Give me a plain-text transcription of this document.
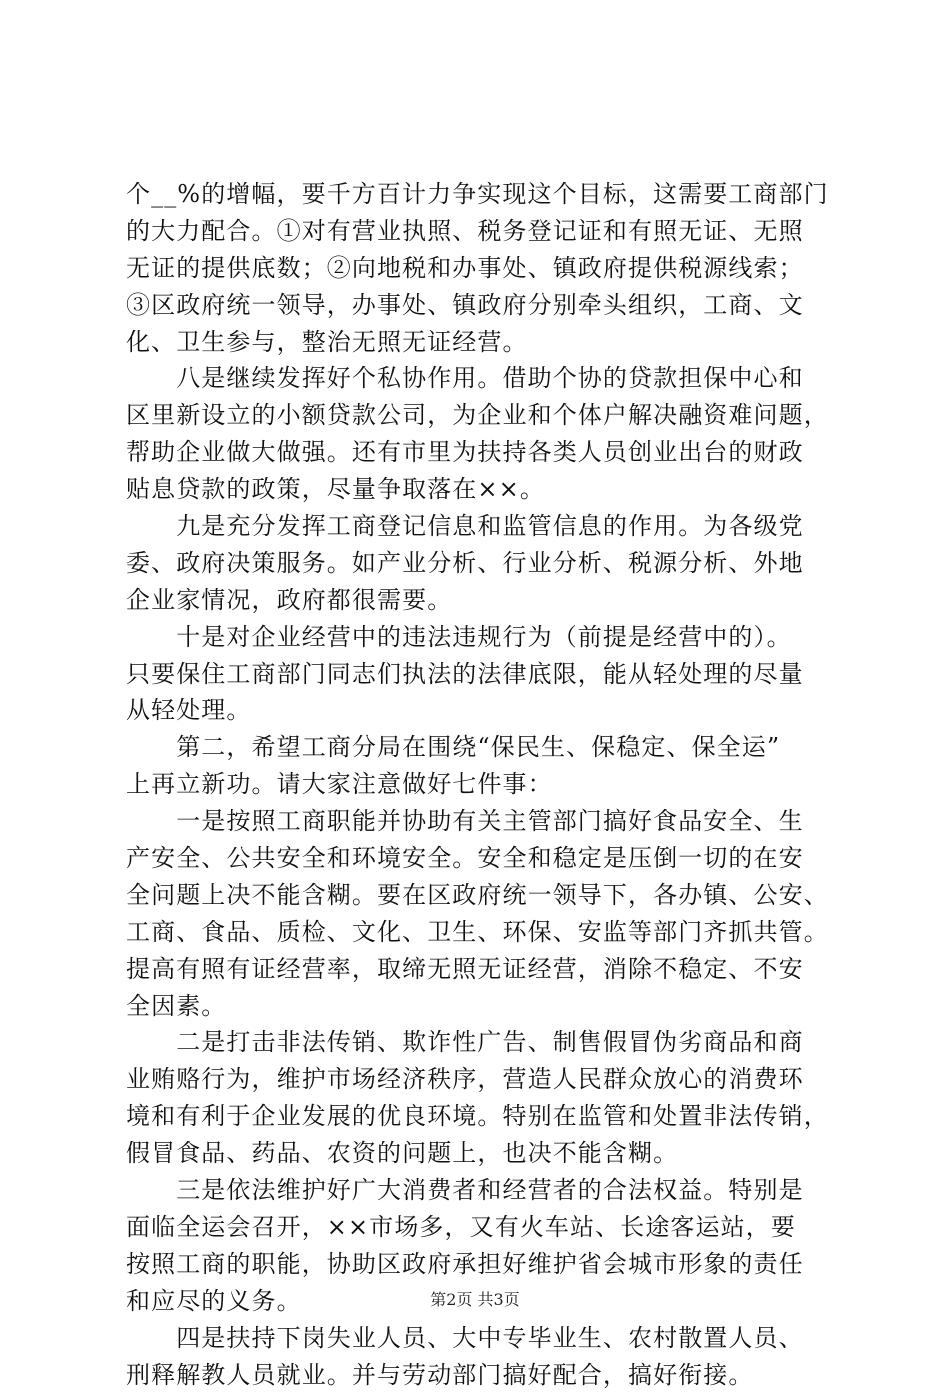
个__%的增幅，要千方百计力争实现这个目标，这需要工商部门
的大力配合。①对有营业执照、税务登记证和有照无证、无照
无证的提供底数；②向地税和办事处、镇政府提供税源线索；
③区政府统一领导，办事处、镇政府分别牵头组织，工商、文
化、卫生参与，整治无照无证经营。
　　八是继续发挥好个私协作用。借助个协的贷款担保中心和
区里新设立的小额贷款公司，为企业和个体户解决融资难问题，
帮助企业做大做强。还有市里为扶持各类人员创业出台的财政
贴息贷款的政策，尽量争取落在××。
　　九是充分发挥工商登记信息和监管信息的作用。为各级党
委、政府决策服务。如产业分析、行业分析、税源分析、外地
企业家情况，政府都很需要。
　　十是对企业经营中的违法违规行为（前提是经营中的）。
只要保住工商部门同志们执法的法律底限，能从轻处理的尽量
从轻处理。
　　第二，希望工商分局在围绕“保民生、保稳定、保全运”
上再立新功。请大家注意做好七件事：
　　一是按照工商职能并协助有关主管部门搞好食品安全、生
产安全、公共安全和环境安全。安全和稳定是压倒一切的在安
全问题上决不能含糊。要在区政府统一领导下，各办镇、公安、
工商、食品、质检、文化、卫生、环保、安监等部门齐抓共管。
提高有照有证经营率，取缔无照无证经营，消除不稳定、不安
全因素。
　　二是打击非法传销、欺诈性广告、制售假冒伪劣商品和商
业贿赂行为，维护市场经济秩序，营造人民群众放心的消费环
境和有利于企业发展的优良环境。特别在监管和处置非法传销，
假冒食品、药品、农资的问题上，也决不能含糊。
　　三是依法维护好广大消费者和经营者的合法权益。特别是
面临全运会召开，××市场多，又有火车站、长途客运站，要
按照工商的职能，协助区政府承担好维护省会城市形象的责任
和应尽的义务。
　　四是扶持下岗失业人员、大中专毕业生、农村散置人员、
刑释解教人员就业。并与劳动部门搞好配合，搞好衔接。
第2页 共3页
